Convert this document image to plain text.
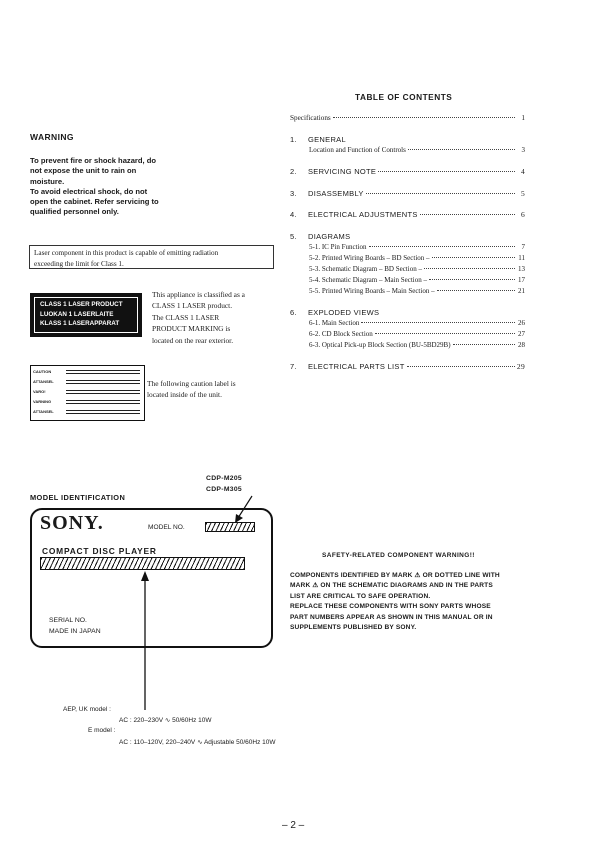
WARNING
To prevent fire or shock hazard, do
not expose the unit to rain on
moisture.
To avoid electrical shock, do not
open the cabinet. Refer servicing to
qualified personnel only.
Laser component in this product is capable of emitting radiation
exceeding the limit for Class 1.
CLASS 1 LASER PRODUCT
LUOKAN 1 LASERLAITE
KLASS 1 LASERAPPARAT
This appliance is classified as a
CLASS 1 LASER product.
The CLASS 1 LASER
PRODUCT MARKING is
located on the rear exterior.
CAUTION
ATTANSEL
VARO!
VARNING
ATTANSEL
The following caution label is
located inside of the unit.
TABLE OF CONTENTS
Specifications	1
1.	GENERAL
Location and Function of Controls	3
2.	SERVICING NOTE	4
3.	DISASSEMBLY	5
4.	ELECTRICAL ADJUSTMENTS	6
5.	DIAGRAMS
5-1. IC Pin Function	7
5-2. Printed Wiring Boards – BD Section –	11
5-3. Schematic Diagram – BD Section –	13
5-4. Schematic Diagram – Main Section –	17
5-5. Printed Wiring Boards – Main Section –	21
6.	EXPLODED VIEWS
6-1. Main Section	26
6-2. CD Block Section	27
6-3. Optical Pick-up Block Section (BU-5BD29B)	28
7.	ELECTRICAL PARTS LIST	29
CDP-M205
CDP-M305
MODEL IDENTIFICATION
SONY.	MODEL NO.
COMPACT DISC PLAYER
SERIAL NO.
MADE IN JAPAN
AEP, UK model :
AC : 220–230V ∿ 50/60Hz 10W
E model :
AC : 110–120V, 220–240V ∿ Adjustable 50/60Hz 10W
SAFETY-RELATED COMPONENT WARNING!!
COMPONENTS IDENTIFIED BY MARK ⚠ OR DOTTED LINE WITH
MARK ⚠ ON THE SCHEMATIC DIAGRAMS AND IN THE PARTS
LIST ARE CRITICAL TO SAFE OPERATION.
REPLACE THESE COMPONENTS WITH SONY PARTS WHOSE
PART NUMBERS APPEAR AS SHOWN IN THIS MANUAL OR IN
SUPPLEMENTS PUBLISHED BY SONY.
– 2 –
